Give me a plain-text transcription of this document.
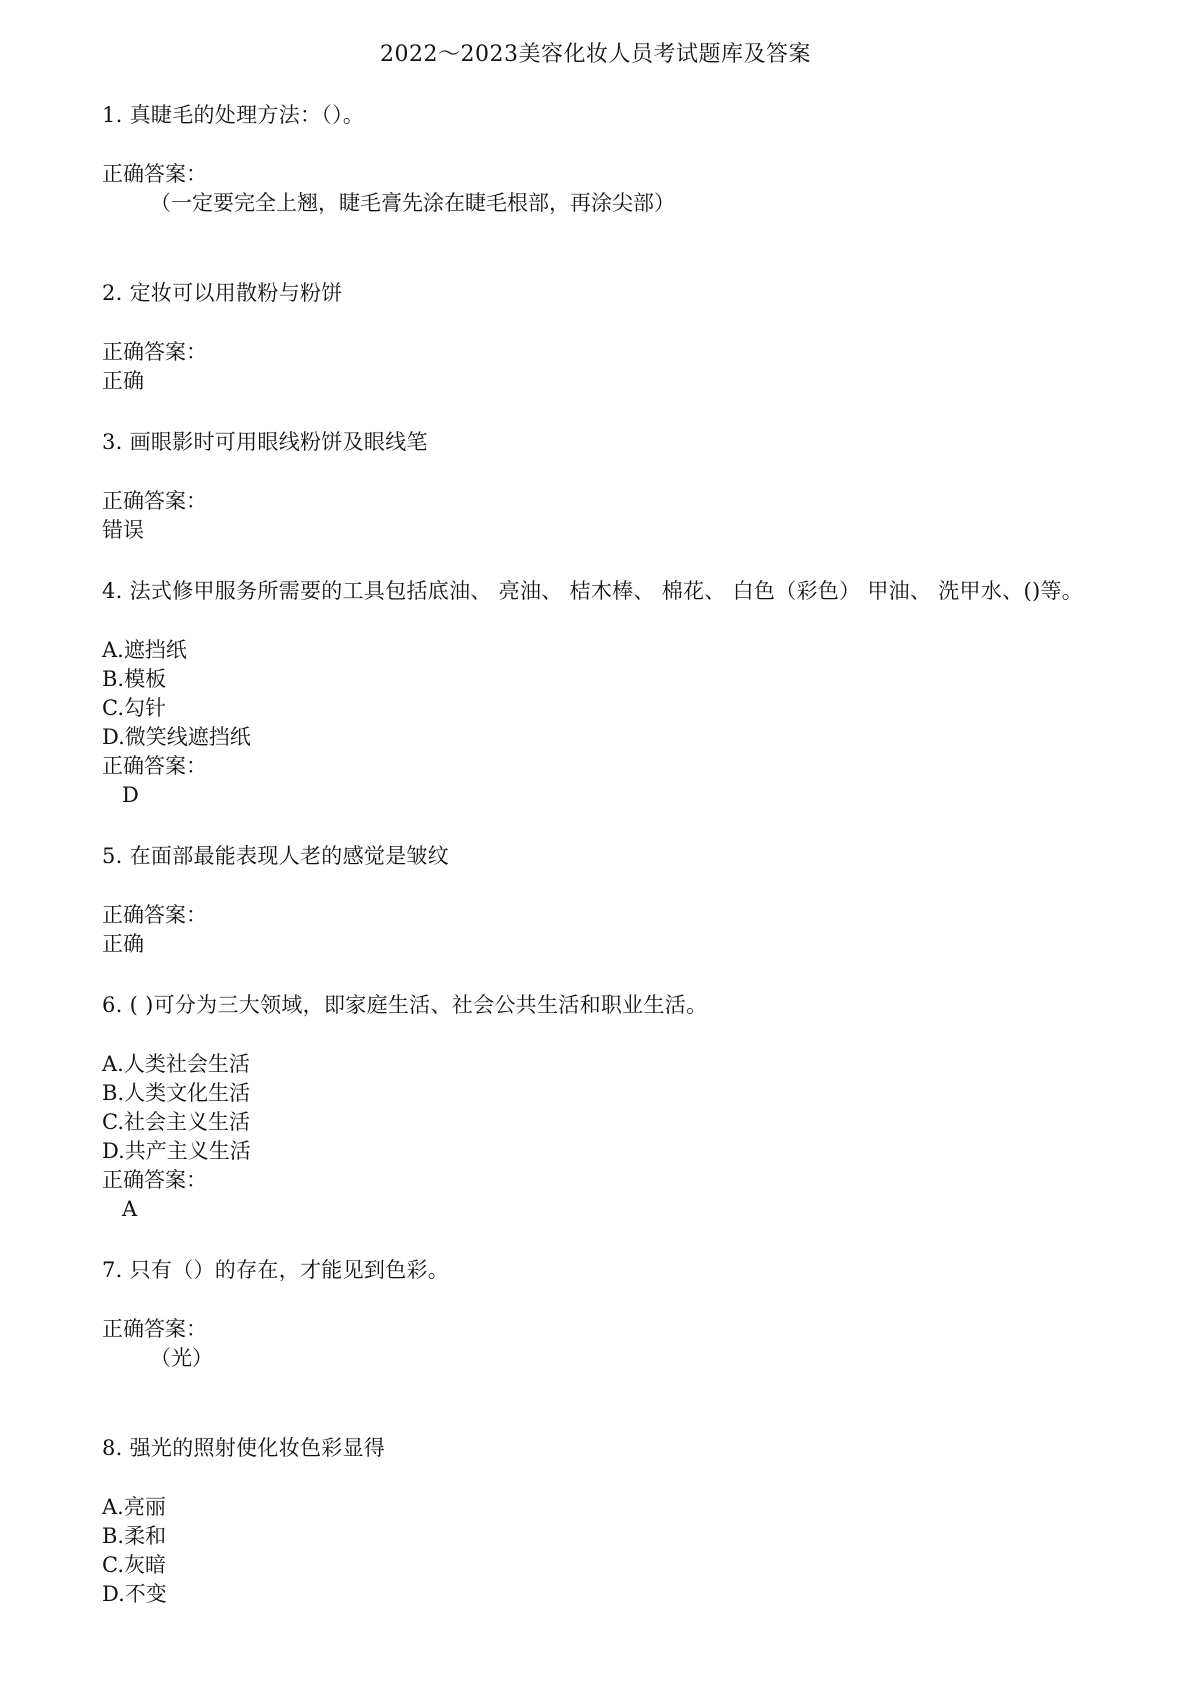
2022～2023美容化妆人员考试题库及答案

1. 真睫毛的处理方法：（）。

正确答案：

（一定要完全上翘，睫毛膏先涂在睫毛根部，再涂尖部）

2. 定妆可以用散粉与粉饼

正确答案：

正确

3. 画眼影时可用眼线粉饼及眼线笔

正确答案：

错误

4. 法式修甲服务所需要的工具包括底油、 亮油、 桔木棒、 棉花、 白色（彩色） 甲油、 洗甲水、()等。

A.遮挡纸

B.模板

C.勾针

D.微笑线遮挡纸

正确答案：

D

5. 在面部最能表现人老的感觉是皱纹

正确答案：

正确

6. ( )可分为三大领域，即家庭生活、社会公共生活和职业生活。

A.人类社会生活

B.人类文化生活

C.社会主义生活

D.共产主义生活

正确答案：

A

7. 只有（）的存在，才能见到色彩。

正确答案：

（光）

8. 强光的照射使化妆色彩显得

A.亮丽

B.柔和

C.灰暗

D.不变
